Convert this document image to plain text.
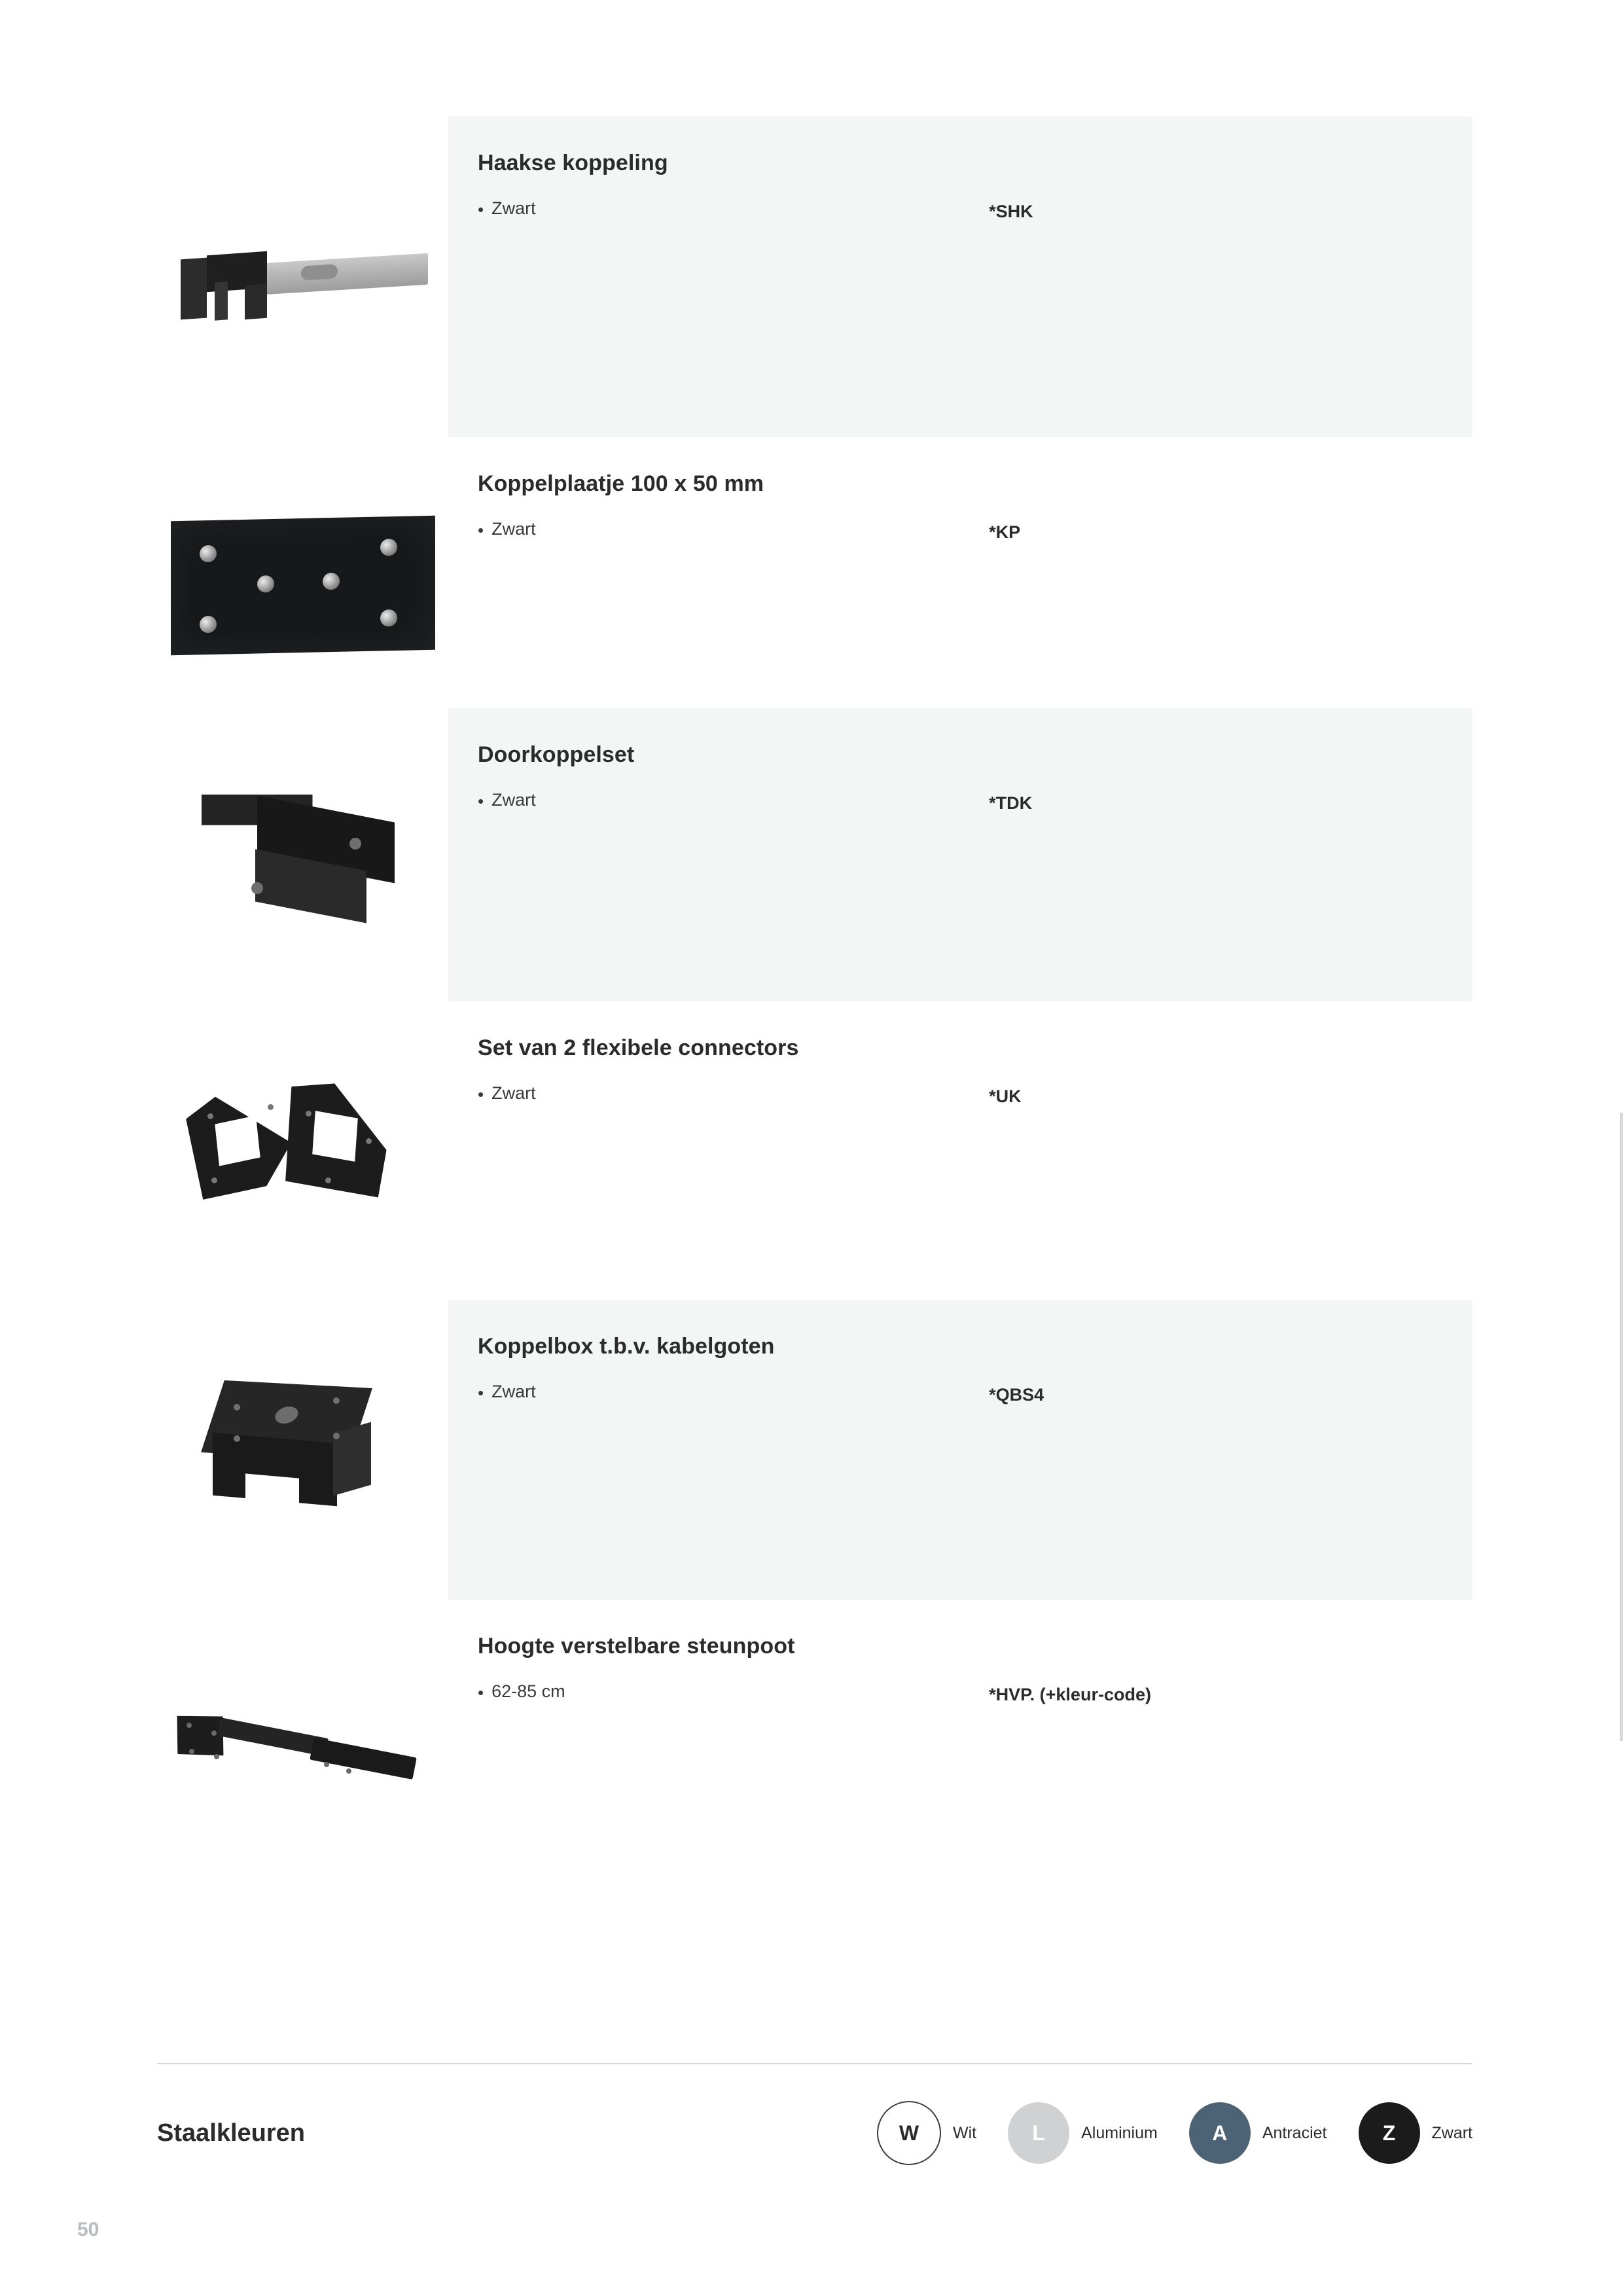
Haakse koppeling
• Zwart	*SHK
Koppelplaatje 100 x 50 mm
• Zwart	*KP
Doorkoppelset
• Zwart	*TDK
Set van 2 flexibele connectors
• Zwart	*UK
Koppelbox t.b.v. kabelgoten
• Zwart	*QBS4
Hoogte verstelbare steunpoot
• 62-85 cm	*HVP. (+kleur-code)
Staalkleuren	W	Wit	L	Aluminium	A	Antraciet	Z	Zwart
50
